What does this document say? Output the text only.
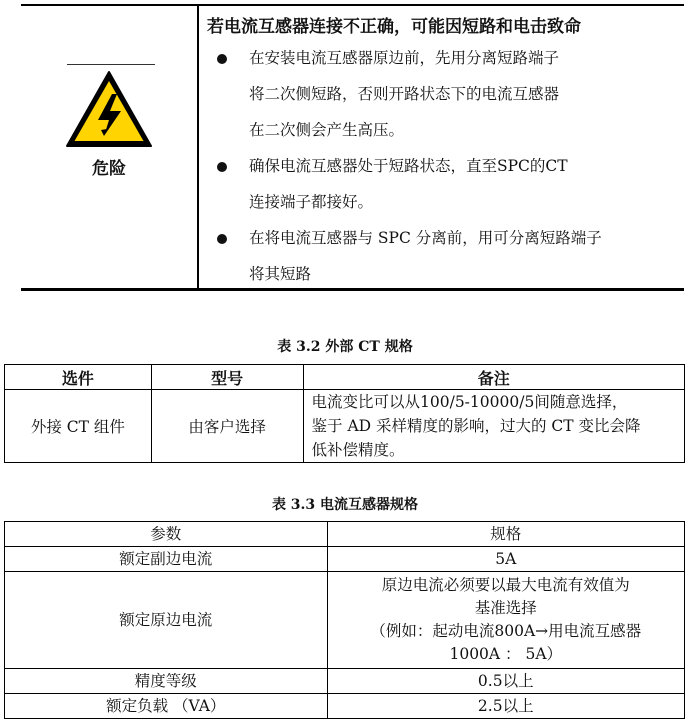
危险
若电流互感器连接不正确，可能因短路和电击致命
在安装电流互感器原边前，先用分离短路端子
将二次侧短路，否则开路状态下的电流互感器
在二次侧会产生高压。
确保电流互感器处于短路状态，直至SPC的CT
连接端子都接好。
在将电流互感器与 SPC 分离前，用可分离短路端子
将其短路
表 3.2 外部 CT 规格
选件	型号	备注
外接 CT 组件	由客户选择	电流变比可以从100/5-10000/5间随意选择，
鉴于 AD 采样精度的影响，过大的 CT 变比会降
低补偿精度。
表 3.3 电流互感器规格
参数	规格
额定副边电流	5A
额定原边电流	原边电流必须要以最大电流有效值为
基准选择
（例如：起动电流800A→用电流互感器
1000A ： 5A）

精度等级	0.5以上
额定负载 （VA）	2.5以上
